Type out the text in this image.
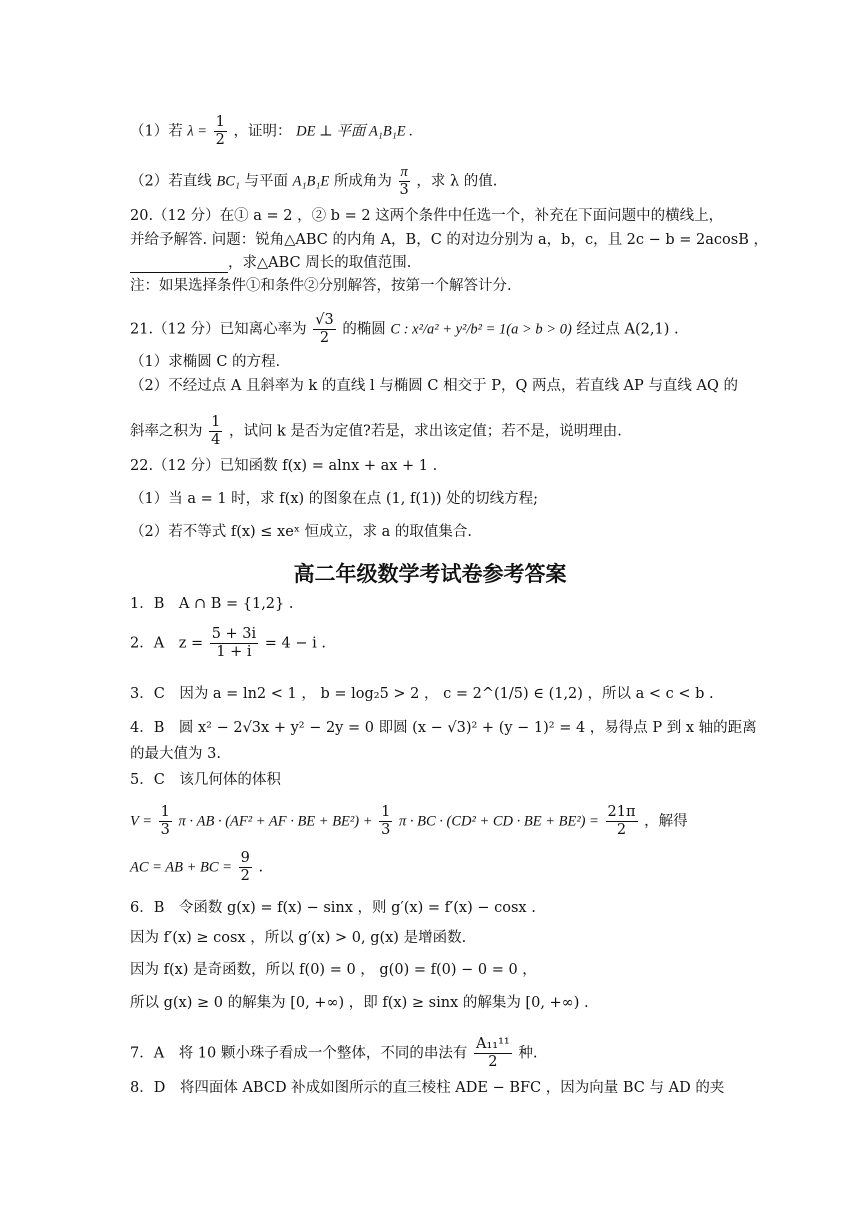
（1）若 $\lambda = \frac{1}{2}$ ，证明： DE ⊥ 平面 A₁B₁E .
（2）若直线 BC₁ 与平面 A₁B₁E 所成角为 $\frac{\pi}{3}$ ，求 λ 的值.
20.（12 分）在① a = 2 ，② b = 2 这两个条件中任选一个，补充在下面问题中的横线上，
并给予解答. 问题：锐角△ABC 的内角 A，B，C 的对边分别为 a，b，c，且 2c − b = 2acosB ，
，求△ABC 周长的取值范围.
注：如果选择条件①和条件②分别解答，按第一个解答计分.
21.（12 分）已知离心率为 $\frac{√3}{2}$ 的椭圆 C : x²/a² + y²/b² = 1(a > b > 0) 经过点 A(2,1) .
（1）求椭圆 C 的方程.
（2）不经过点 A 且斜率为 k 的直线 l 与椭圆 C 相交于 P，Q 两点，若直线 AP 与直线 AQ 的
斜率之积为 $\frac{1}{4}$ ，试问 k 是否为定值?若是，求出该定值；若不是，说明理由.
22.（12 分）已知函数 f(x) = alnx + ax + 1 .
（1）当 a = 1 时，求 f(x) 的图象在点 (1, f(1)) 处的切线方程;
（2）若不等式 f(x) ≤ xeˣ 恒成立，求 a 的取值集合.
高二年级数学考试卷参考答案
1．B　A ∩ B = {1,2} .
2．A　$z = \frac{5 + 3i}{1 + i} = 4 - i$ .
3．C　因为 a = ln2 < 1 ， b = log₂5 > 2 ， c = 2^(1/5) ∈ (1,2) ，所以 a < c < b .
4．B　圆 x² − 2√3x + y² − 2y = 0 即圆 (x − √3)² + (y − 1)² = 4 ，易得点 P 到 x 轴的距离
的最大值为 3.
5．C　该几何体的体积
$V = \frac{1}{3}$ π · AB · (AF² + AF · BE + $BE^2) + \frac{1}{3}$ π · BC · (CD² + CD · BE + $BE^2) = \frac{21\pi}{2}$ ，解得
AC = AB + BC = $\frac{9}{2}$ .
6．B　令函数 g(x) = f(x) − sinx ，则 g′(x) = f′(x) − cosx .
因为 f′(x) ≥ cosx ，所以 g′(x) > 0, g(x) 是增函数.
因为 f(x) 是奇函数，所以 f(0) = 0 ， g(0) = f(0) − 0 = 0 ，
所以 g(x) ≥ 0 的解集为 [0, +∞) ，即 f(x) ≥ sinx 的解集为 [0, +∞) .
7．A　将 10 颗小珠子看成一个整体，不同的串法有 $\frac{\text{A₁₁¹¹}}{2}$ 种.
8．D　将四面体 ABCD 补成如图所示的直三棱柱 ADE − BFC ，因为向量 BC 与 AD 的夹
